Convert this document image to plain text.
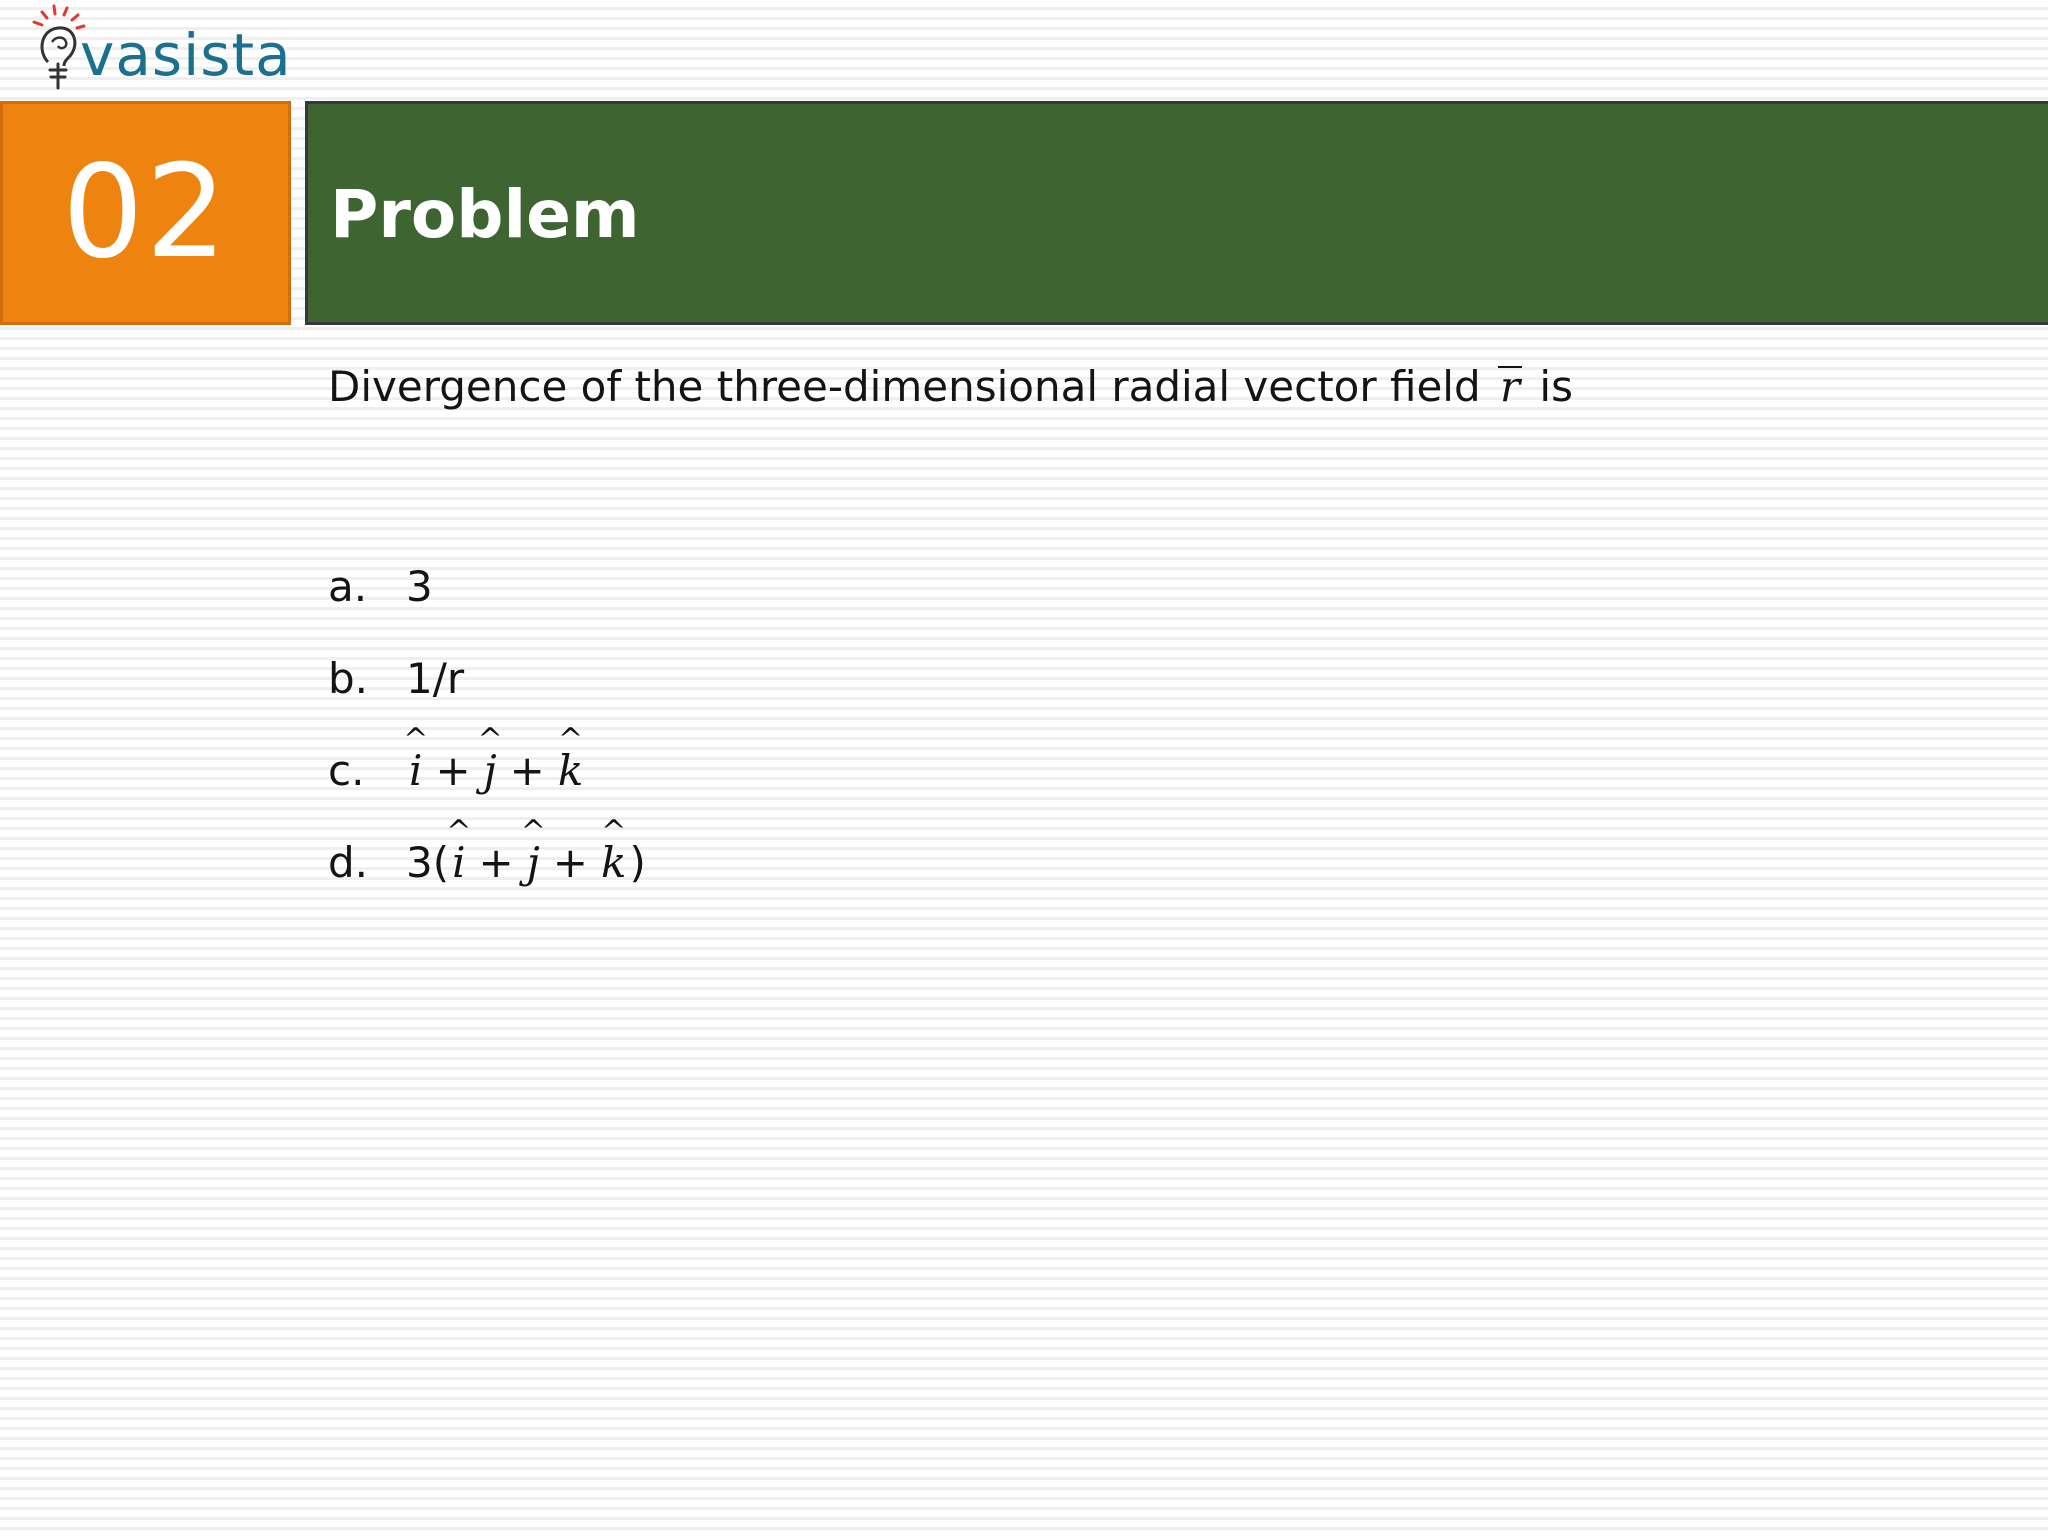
vasista
02 Problem
Divergence of the three-dimensional radial vector field r is
a. 3
b. 1/r
c.	^ i + ^ j + ^ k
d. 3( ^ i + ^ j + ^ k )
